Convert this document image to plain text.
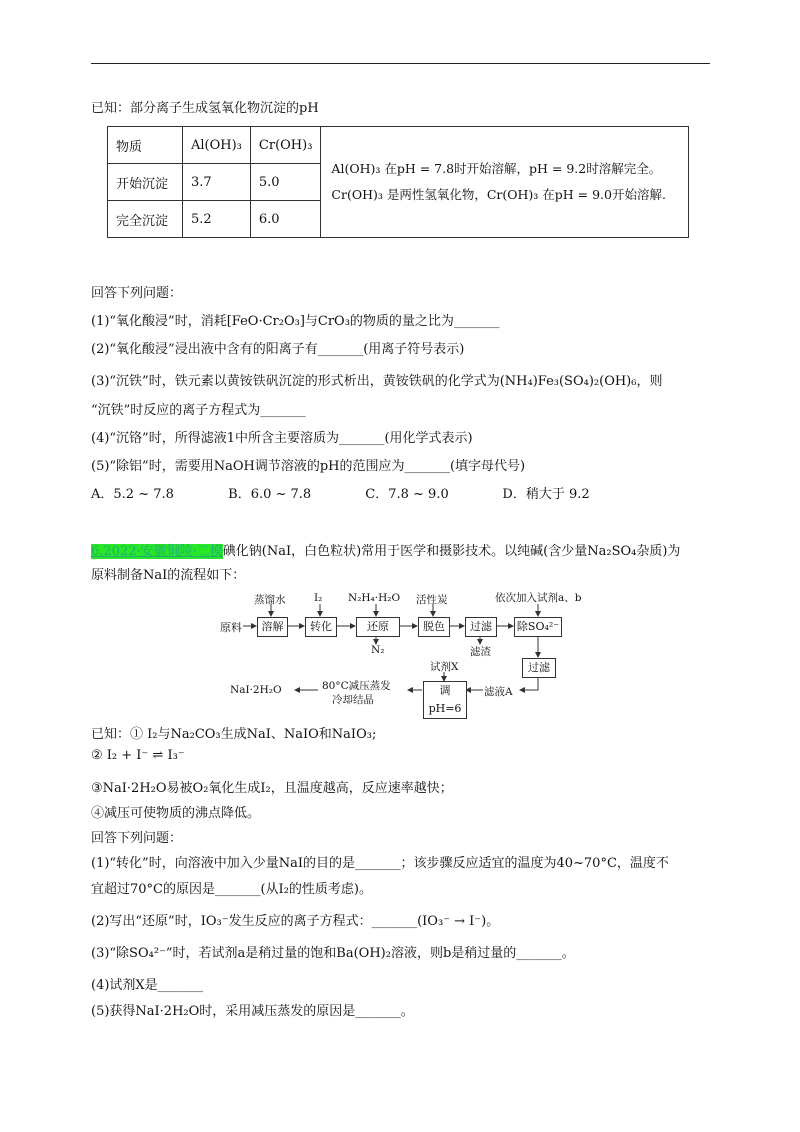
已知：部分离子生成氢氧化物沉淀的pH
物质	Al(OH)₃	Cr(OH)₃	Al(OH)₃ 在pH = 7.8时开始溶解，pH = 9.2时溶解完全。
Cr(OH)₃ 是两性氢氧化物，Cr(OH)₃ 在pH = 9.0开始溶解.

开始沉淀	3.7	5.0	
完全沉淀	5.2	6.0	
回答下列问题：
(1)“氧化酸浸”时，消耗[FeO·Cr₂O₃]与CrO₃的物质的量之比为_______
(2)“氧化酸浸”浸出液中含有的阳离子有_______(用离子符号表示)
(3)“沉铁”时，铁元素以黄铵铁矾沉淀的形式析出，黄铵铁矾的化学式为(NH₄)Fe₃(SO₄)₂(OH)₆，则
“沉铁”时反应的离子方程式为_______
(4)“沉铬”时，所得滤液1中所含主要溶质为_______(用化学式表示)
(5)“除铝”时，需要用NaOH调节溶液的pH的范围应为_______(填字母代号)
A．5.2 ~ 7.8	B．6.0 ~ 7.8	C．7.8 ~ 9.0	D．稍大于 9.2
6.2022·安徽铜陵·二模碘化钠(NaI，白色粒状)常用于医学和摄影技术。以纯碱(含少量Na₂SO₄杂质)为
原料制备NaI的流程如下：
蒸馏水	I₂ N₂H₄·H₂O 活性炭	依次加入试剂a、b
原料	溶解	转化	还原	脱色	过滤	除SO₄²⁻
N₂	滤渣
过滤
滤液A
试剂X
调pH=6
80°C减压蒸发
冷却结晶
NaI·2H₂O
已知：① I₂与Na₂CO₃生成NaI、NaIO和NaIO₃;
② I₂ + I⁻ ⇌ I₃⁻
③NaI·2H₂O易被O₂氧化生成I₂，且温度越高，反应速率越快；
④减压可使物质的沸点降低。
回答下列问题：
(1)“转化”时，向溶液中加入少量NaI的目的是_______；该步骤反应适宜的温度为40~70°C，温度不
宜超过70°C的原因是_______(从I₂的性质考虑)。
(2)写出“还原”时，IO₃⁻发生反应的离子方程式：_______(IO₃⁻ → I⁻)。
(3)“除SO₄²⁻”时，若试剂a是稍过量的饱和Ba(OH)₂溶液，则b是稍过量的_______。
(4)试剂X是_______
(5)获得NaI·2H₂O时，采用减压蒸发的原因是_______。
